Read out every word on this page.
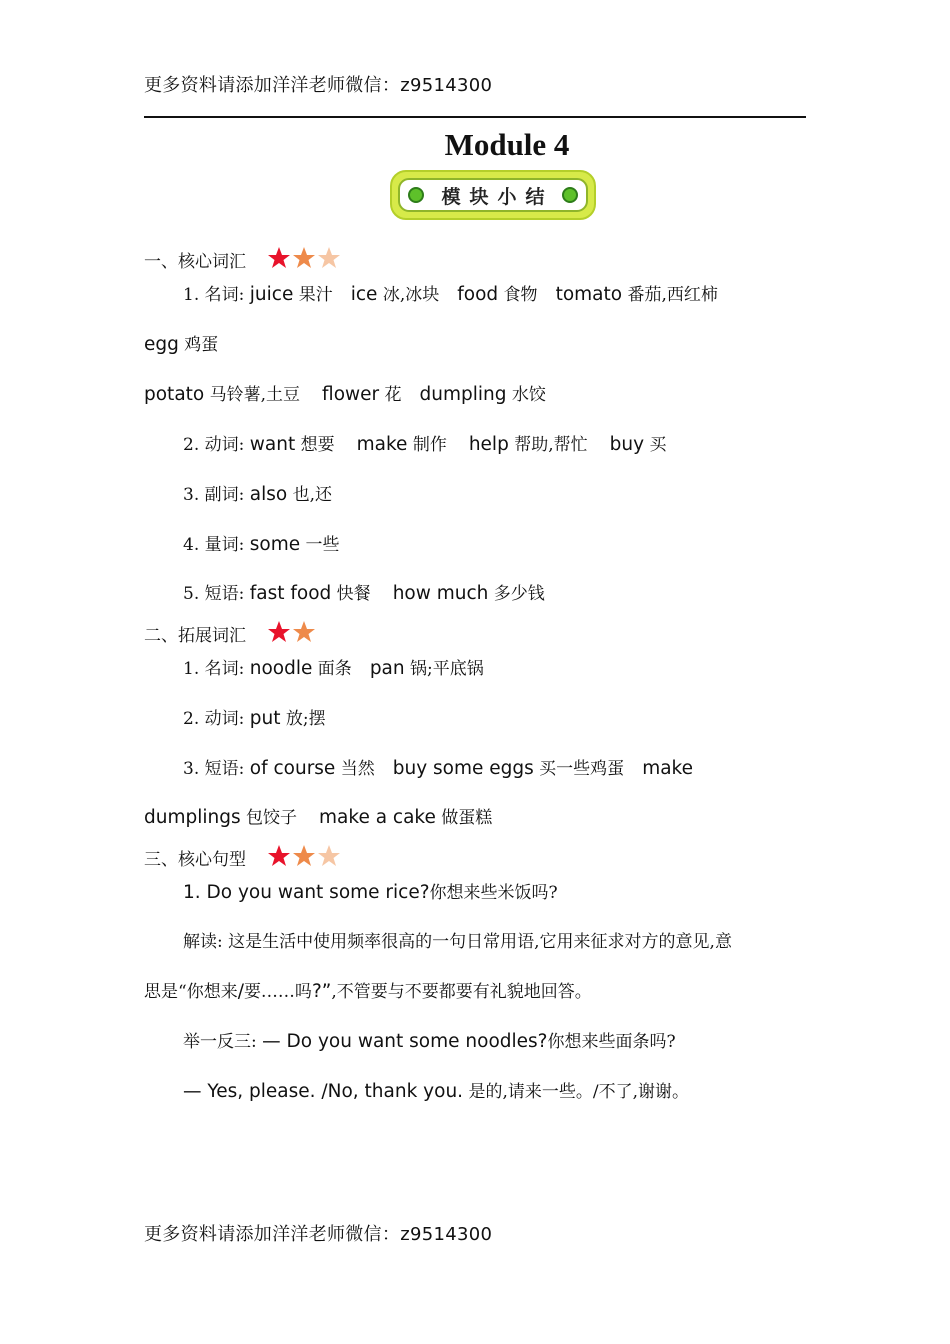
更多资料请添加洋洋老师微信：z9514300
Module 4
模块小结
一、核心词汇
1. 名词: juice 果汁 ice 冰,冰块 food 食物 tomato 番茄,西红柿
egg 鸡蛋
potato 马铃薯,土豆 flower 花 dumpling 水饺
2. 动词: want 想要 make 制作 help 帮助,帮忙 buy 买
3. 副词: also 也,还
4. 量词: some 一些
5. 短语: fast food 快餐 how much 多少钱
二、拓展词汇
1. 名词: noodle 面条 pan 锅;平底锅
2. 动词: put 放;摆
3. 短语: of course 当然 buy some eggs 买一些鸡蛋 make
dumplings 包饺子 make a cake 做蛋糕
三、核心句型
1. Do you want some rice?你想来些米饭吗?
解读: 这是生活中使用频率很高的一句日常用语,它用来征求对方的意见,意
思是“你想来/要……吗?”,不管要与不要都要有礼貌地回答。
举一反三: — Do you want some noodles?你想来些面条吗?
— Yes, please. /No, thank you. 是的,请来一些。/不了,谢谢。
更多资料请添加洋洋老师微信：z9514300
